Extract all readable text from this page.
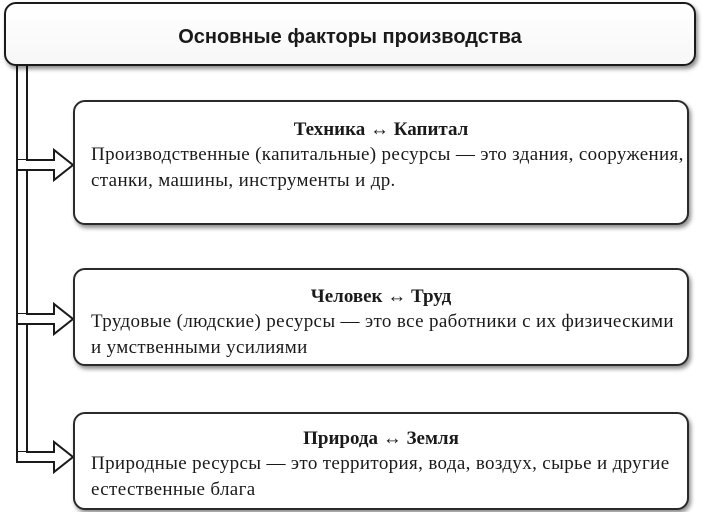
Основные факторы производства
Техника ↔ Капитал
Производственные (капитальные) ресурсы — это здания, сооружения, станки, машины, инструменты и др.
Человек ↔ Труд
Трудовые (людские) ресурсы — это все работники с их физическими и умственными усилиями
Природа ↔ Земля
Природные ресурсы — это территория, вода, воздух, сырье и другие естественные блага
